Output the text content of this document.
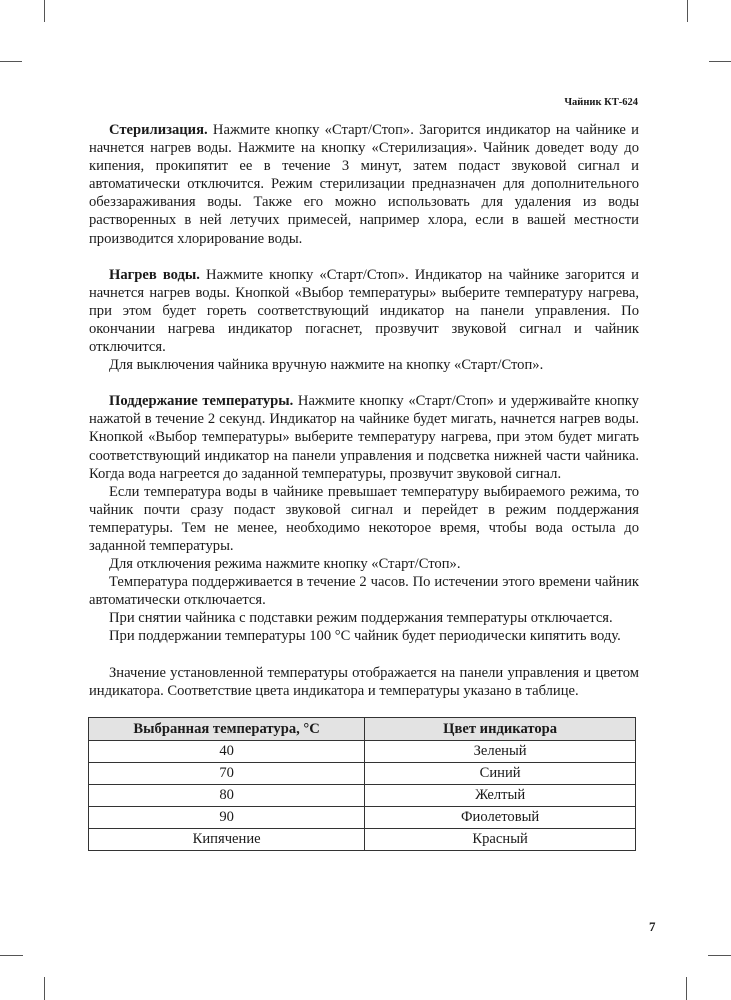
Чайник КТ-624

Стерилизация. Нажмите кнопку «Старт/Стоп». Загорится индикатор на чайнике и начнется нагрев воды. Нажмите на кнопку «Стерилизация». Чайник доведет воду до кипения, прокипятит ее в течение 3 минут, затем подаст звуковой сигнал и автоматически отключится. Режим стерилизации предназначен для дополнительного обеззараживания воды. Также его можно использовать для удаления из воды растворенных в ней летучих примесей, например хлора, если в вашей местности производится хлорирование воды.

Нагрев воды. Нажмите кнопку «Старт/Стоп». Индикатор на чайнике загорится и начнется нагрев воды. Кнопкой «Выбор температуры» выберите температуру нагрева, при этом будет гореть соответствующий индикатор на панели управления. По окончании нагрева индикатор погаснет, прозвучит звуковой сигнал и чайник отключится.

Для выключения чайника вручную нажмите на кнопку «Старт/Стоп».

Поддержание температуры. Нажмите кнопку «Старт/Стоп» и удерживайте кнопку нажатой в течение 2 секунд. Индикатор на чайнике будет мигать, начнется нагрев воды. Кнопкой «Выбор температуры» выберите температуру нагрева, при этом будет мигать соответствующий индикатор на панели управления и подсветка нижней части чайника. Когда вода нагреется до заданной температуры, прозвучит звуковой сигнал.

Если температура воды в чайнике превышает температуру выбираемого режима, то чайник почти сразу подаст звуковой сигнал и перейдет в режим поддержания температуры. Тем не менее, необходимо некоторое время, чтобы вода остыла до заданной температуры.

Для отключения режима нажмите кнопку «Старт/Стоп».

Температура поддерживается в течение 2 часов. По истечении этого времени чайник автоматически отключается.

При снятии чайника с подставки режим поддержания температуры отключается.

При поддержании температуры 100 °С чайник будет периодически кипятить воду.

Значение установленной температуры отображается на панели управления и цветом индикатора. Соответствие цвета индикатора и температуры указано в таблице.

Выбранная температура, °С	Цвет индикатора
40	Зеленый
70	Синий
80	Желтый
90	Фиолетовый
Кипячение	Красный
7
